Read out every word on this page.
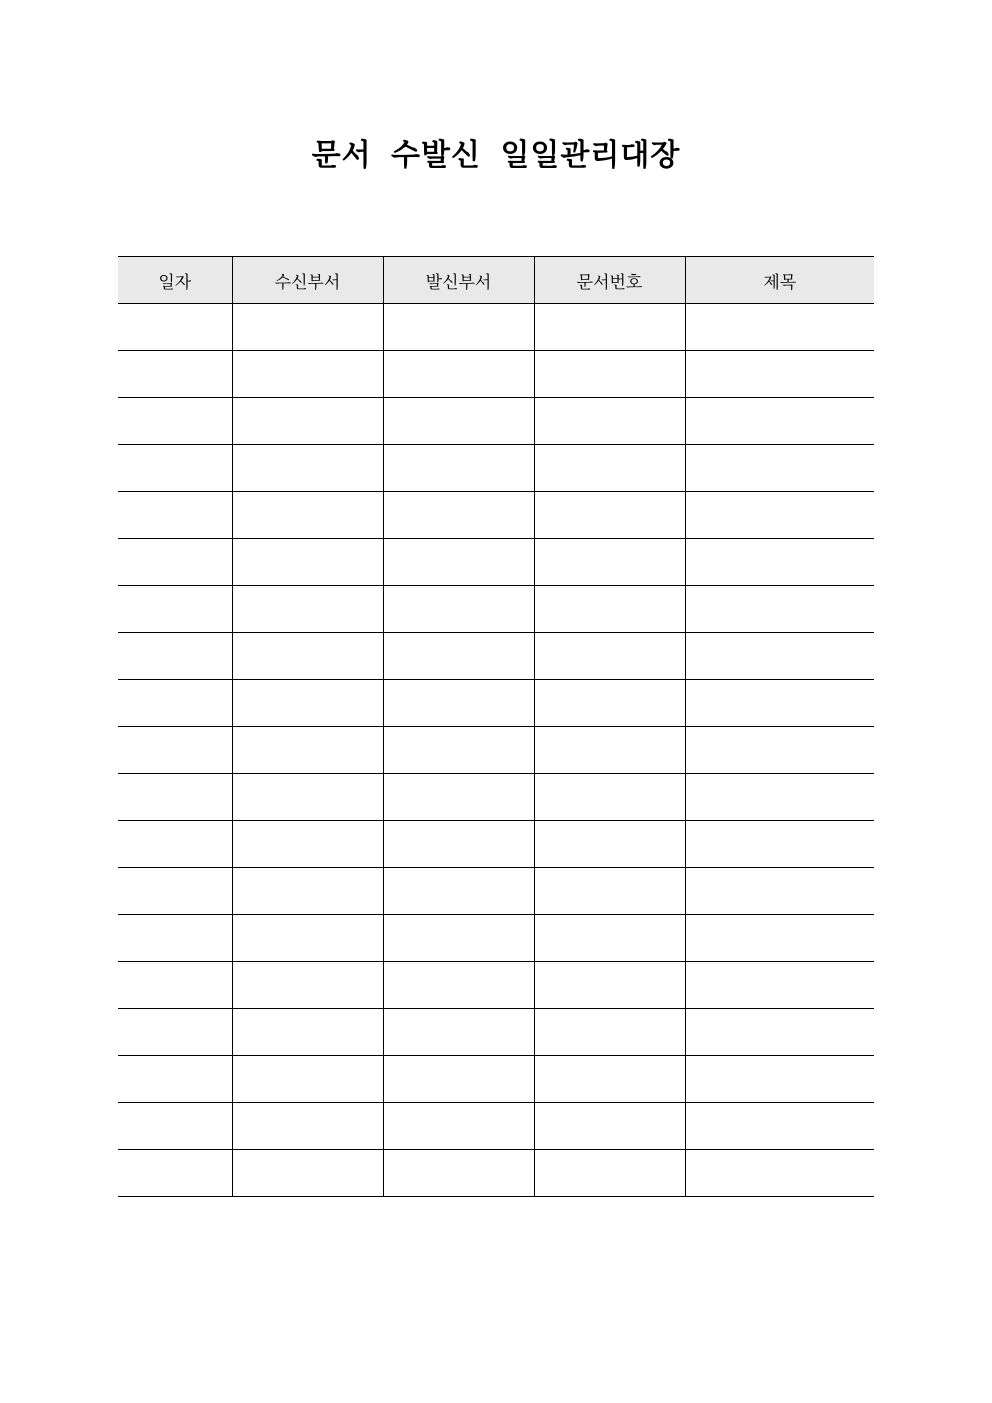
문서 수발신 일일관리대장
일자	수신부서	발신부서	문서번호	제목
